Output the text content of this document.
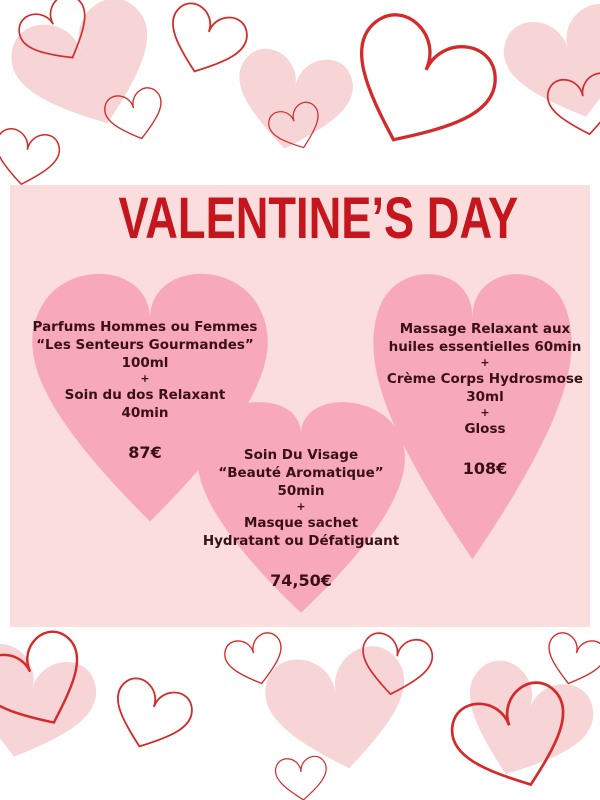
VALENTINE’S DAY
Parfums Hommes ou Femmes
“Les Senteurs Gourmandes”
100ml
+
Soin du dos Relaxant
40min
87€	Soin Du Visage
“Beauté Aromatique” 50min
+
Masque sachet
Hydratant ou Défatiguant
74,50€
Massage Relaxant aux
huiles essentielles 60min
+
Crème Corps Hydrosmose
30ml
+
Gloss
108€
